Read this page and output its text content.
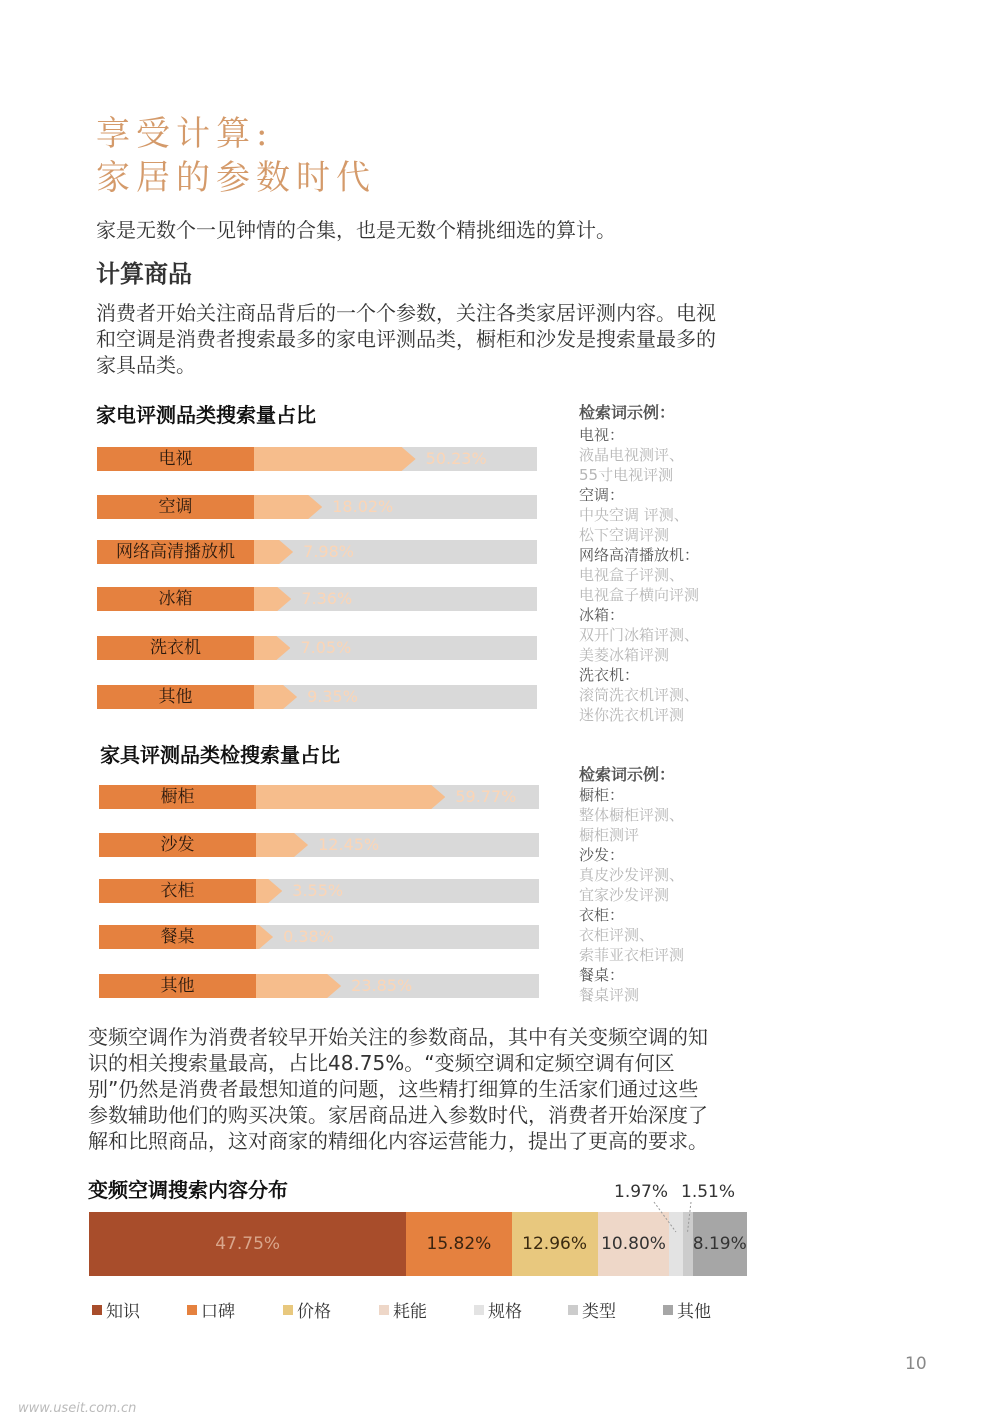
享受计算:
家居的参数时代
家是无数个一见钟情的合集，也是无数个精挑细选的算计。
计算商品
消费者开始关注商品背后的一个个参数，关注各类家居评测内容。电视
和空调是消费者搜索最多的家电评测品类，橱柜和沙发是搜索量最多的
家具品类。
家电评测品类搜索量占比
电视	50.23%
空调	18.02%
网络高清播放机	7.98%
冰箱	7.36%
洗衣机	7.05%
其他	9.35%
检索词示例：
电视：
液晶电视测评、
55寸电视评测
空调：
中央空调 评测、
松下空调评测
网络高清播放机：
电视盒子评测、
电视盒子横向评测
冰箱：
双开门冰箱评测、
美菱冰箱评测
洗衣机：
滚筒洗衣机评测、
迷你洗衣机评测
家具评测品类检搜索量占比
橱柜	59.77%
沙发	12.45%
衣柜	3.55%
餐桌	0.38%
其他	23.85%
检索词示例：
橱柜：
整体橱柜评测、
橱柜测评
沙发：
真皮沙发评测、
宜家沙发评测
衣柜：
衣柜评测、
索菲亚衣柜评测
餐桌：
餐桌评测
变频空调作为消费者较早开始关注的参数商品，其中有关变频空调的知
识的相关搜索量最高，占比48.75%。“变频空调和定频空调有何区
别”仍然是消费者最想知道的问题，这些精打细算的生活家们通过这些
参数辅助他们的购买决策。家居商品进入参数时代，消费者开始深度了
解和比照商品，这对商家的精细化内容运营能力，提出了更高的要求。
变频空调搜索内容分布
47.75%	15.82%	12.96% 10.80% 8.19%
1.97% 1.51%
知识	口碑	价格	耗能	规格	类型	其他
10
www.useit.com.cn
